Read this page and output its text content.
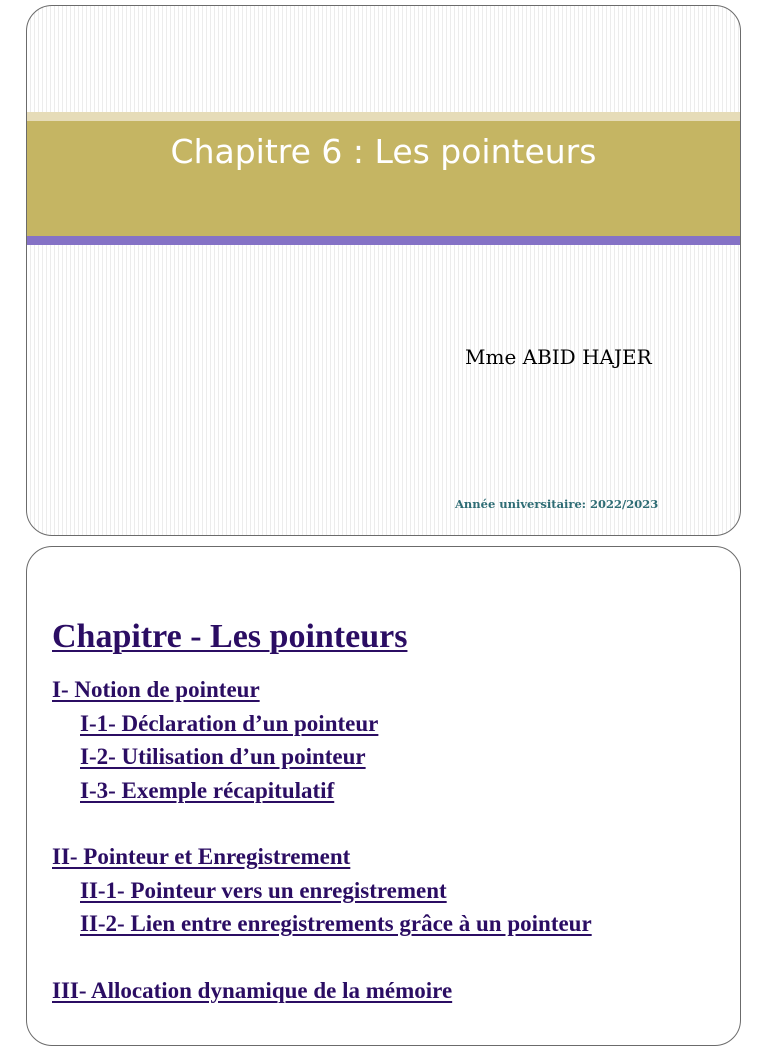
Chapitre 6 : Les pointeurs
Mme ABID HAJER
Année universitaire: 2022/2023
Chapitre - Les pointeurs
I- Notion de pointeur
I-1- Déclaration d’un pointeur
I-2- Utilisation d’un pointeur
I-3- Exemple récapitulatif
II- Pointeur et Enregistrement
II-1- Pointeur vers un enregistrement
II-2- Lien entre enregistrements grâce à un pointeur
III- Allocation dynamique de la mémoire
